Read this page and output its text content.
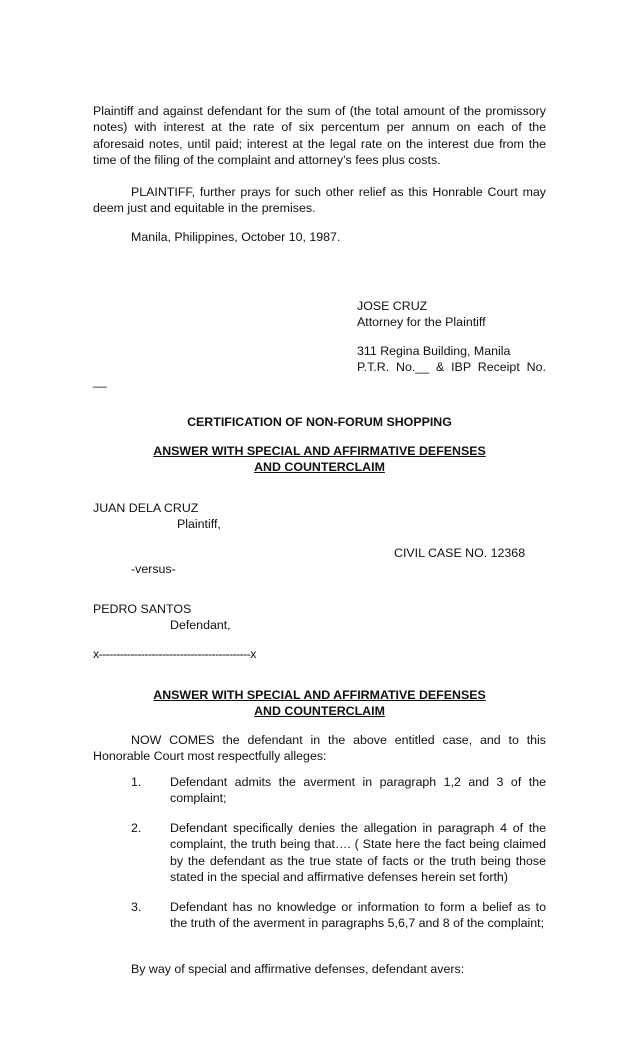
Plaintiff and against defendant for the sum of (the total amount of the promissory notes) with interest at the rate of six percentum per annum on each of the aforesaid notes, until paid; interest at the legal rate on the interest due from the time of the filing of the complaint and attorney’s fees plus costs.

PLAINTIFF, further prays for such other relief as this Honrable Court may deem just and equitable in the premises.

Manila, Philippines, October 10, 1987.
JOSE CRUZ
Attorney for the Plaintiff
311 Regina Building, Manila
P.T.R.  No.__  &  IBP  Receipt  No.
__
CERTIFICATION OF NON-FORUM SHOPPING
ANSWER WITH SPECIAL AND AFFIRMATIVE DEFENSES
AND COUNTERCLAIM
JUAN DELA CRUZ
Plaintiff,
CIVIL CASE NO. 12368
-versus-
PEDRO SANTOS
Defendant,
x-------------------------------------------x
ANSWER WITH SPECIAL AND AFFIRMATIVE DEFENSES
AND COUNTERCLAIM

NOW COMES the defendant in the above entitled case, and to this Honorable Court most respectfully alleges:

1. Defendant admits the averment in paragraph 1,2 and 3 of the complaint;
2. Defendant specifically denies the allegation in paragraph 4 of the complaint, the truth being that…. ( State here the fact being claimed by the defendant as the true state of facts or the truth being those stated in the special and affirmative defenses herein set forth)
3. Defendant has no knowledge or information to form a belief as to the truth of the averment in paragraphs 5,6,7 and 8 of the complaint;
By way of special and affirmative defenses, defendant avers:
